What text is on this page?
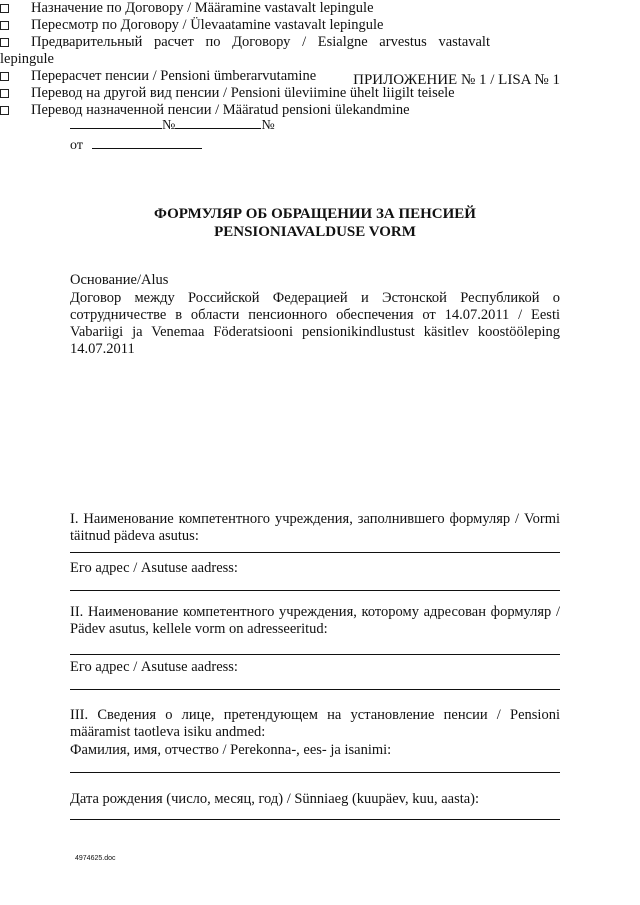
ПРИЛОЖЕНИЕ № 1 / LISA № 1
№	№
от
ФОРМУЛЯР ОБ ОБРАЩЕНИИ ЗА ПЕНСИЕЙ
PENSIONIAVALDUSE VORM
Основание/Alus
Договор между Российской Федерацией и Эстонской Республикой о сотрудничестве в области пенсионного обеспечения от 14.07.2011 / Eesti Vabariigi ja Venemaa Föderatsiooni pensionikindlustust käsitlev koostööleping 14.07.2011
Назначение по Договору / Määramine vastavalt lepingule
Пересмотр по Договору / Ülevaatamine vastavalt lepingule
Предварительный расчет по Договору / Esialgne arvestus vastavalt lepingule
Перерасчет пенсии / Pensioni ümberarvutamine
Перевод на другой вид пенсии / Pensioni üleviimine ühelt liigilt teisele
Перевод назначенной пенсии / Määratud pensioni ülekandmine
I. Наименование компетентного учреждения, заполнившего формуляр / Vormi täitnud pädeva asutus:
Его адрес / Asutuse aadress:
II. Наименование компетентного учреждения, которому адресован формуляр / Pädev asutus, kellele vorm on adresseeritud:
Его адрес / Asutuse aadress:
III. Сведения о лице, претендующем на установление пенсии / Pensioni määramist taotleva isiku andmed:
Фамилия, имя, отчество / Perekonna-, ees- ja isanimi:
Дата рождения (число, месяц, год) / Sünniaeg (kuupäev, kuu, aasta):
4974625.doc
